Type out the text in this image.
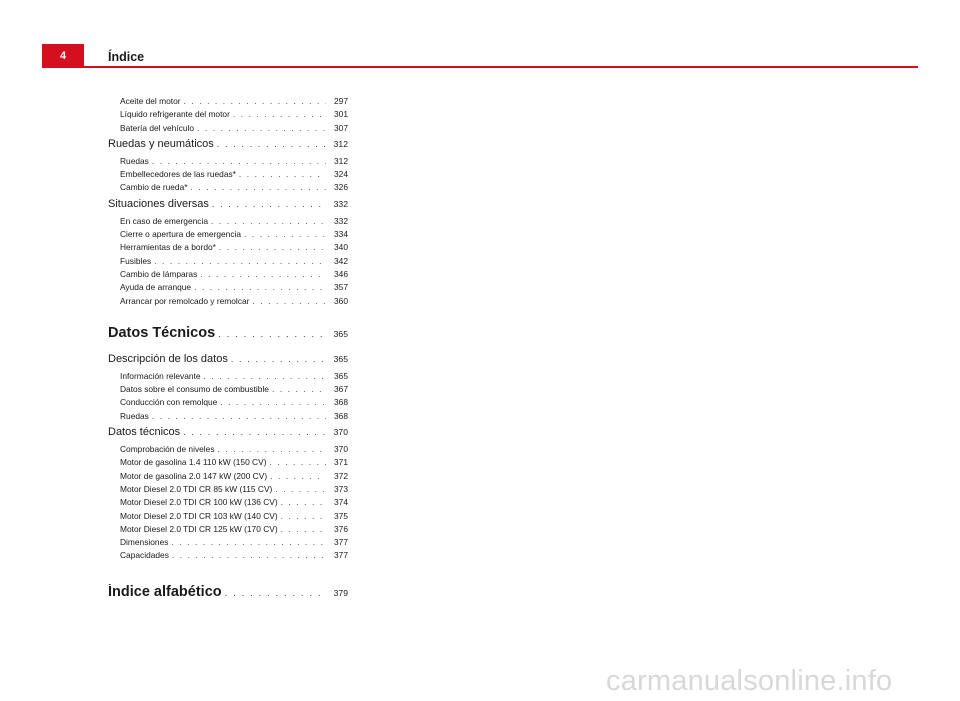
4	Índice
Aceite del motor . . .	297
Líquido refrigerante del motor . . .	301
Batería del vehículo . . .	307
Ruedas y neumáticos . . .	312
Ruedas . . .	312
Embellecedores de las ruedas* . . .	324
Cambio de rueda* . . .	326
Situaciones diversas . . .	332
En caso de emergencia . . .	332
Cierre o apertura de emergencia . . .	334
Herramientas de a bordo* . . .	340
Fusibles . . .	342
Cambio de lámparas . . .	346
Ayuda de arranque . . .	357
Arrancar por remolcado y remolcar . . .	360
Datos Técnicos . . .	365
Descripción de los datos . . .	365
Información relevante . . .	365
Datos sobre el consumo de combustible . . .	367
Conducción con remolque . . .	368
Ruedas . . .	368
Datos técnicos . . .	370
Comprobación de niveles . . .	370
Motor de gasolina 1.4 110 kW (150 CV) . . .	371
Motor de gasolina 2.0 147 kW (200 CV) . . .	372
Motor Diesel 2.0 TDI CR 85 kW (115 CV) . . .	373
Motor Diesel 2.0 TDI CR 100 kW (136 CV) . . .	374
Motor Diesel 2.0 TDI CR 103 kW (140 CV) . . .	375
Motor Diesel 2.0 TDI CR 125 kW (170 CV) . . .	376
Dimensiones . . .	377
Capacidades . . .	377
Índice alfabético . . .	379
carmanualsonline.info
